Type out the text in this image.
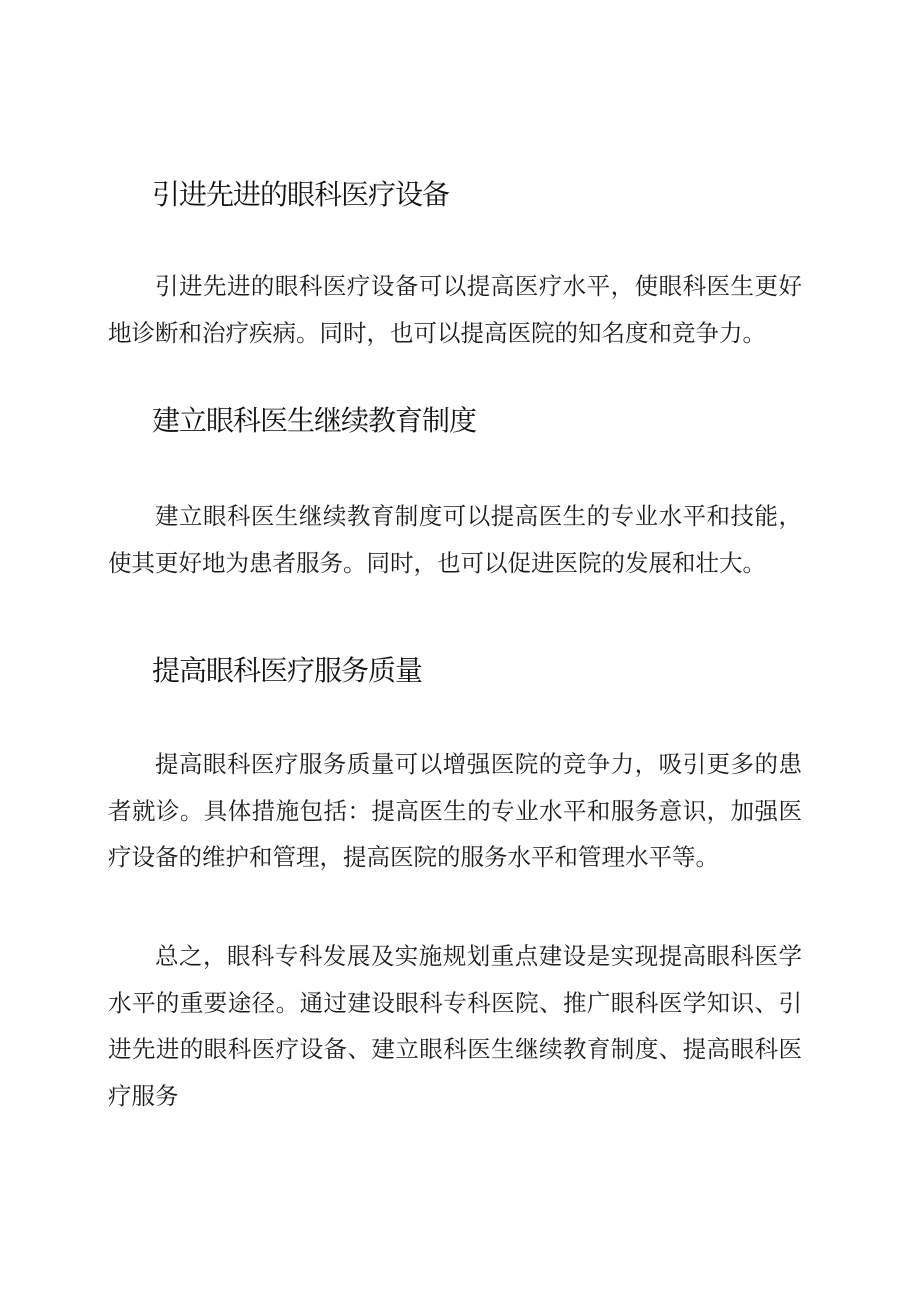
引进先进的眼科医疗设备

引进先进的眼科医疗设备可以提高医疗水平，使眼科医生更好地诊断和治疗疾病。同时，也可以提高医院的知名度和竞争力。

建立眼科医生继续教育制度

建立眼科医生继续教育制度可以提高医生的专业水平和技能，使其更好地为患者服务。同时，也可以促进医院的发展和壮大。

提高眼科医疗服务质量

提高眼科医疗服务质量可以增强医院的竞争力，吸引更多的患者就诊。具体措施包括：提高医生的专业水平和服务意识，加强医疗设备的维护和管理，提高医院的服务水平和管理水平等。

总之，眼科专科发展及实施规划重点建设是实现提高眼科医学水平的重要途径。通过建设眼科专科医院、推广眼科医学知识、引进先进的眼科医疗设备、建立眼科医生继续教育制度、提高眼科医疗服务
